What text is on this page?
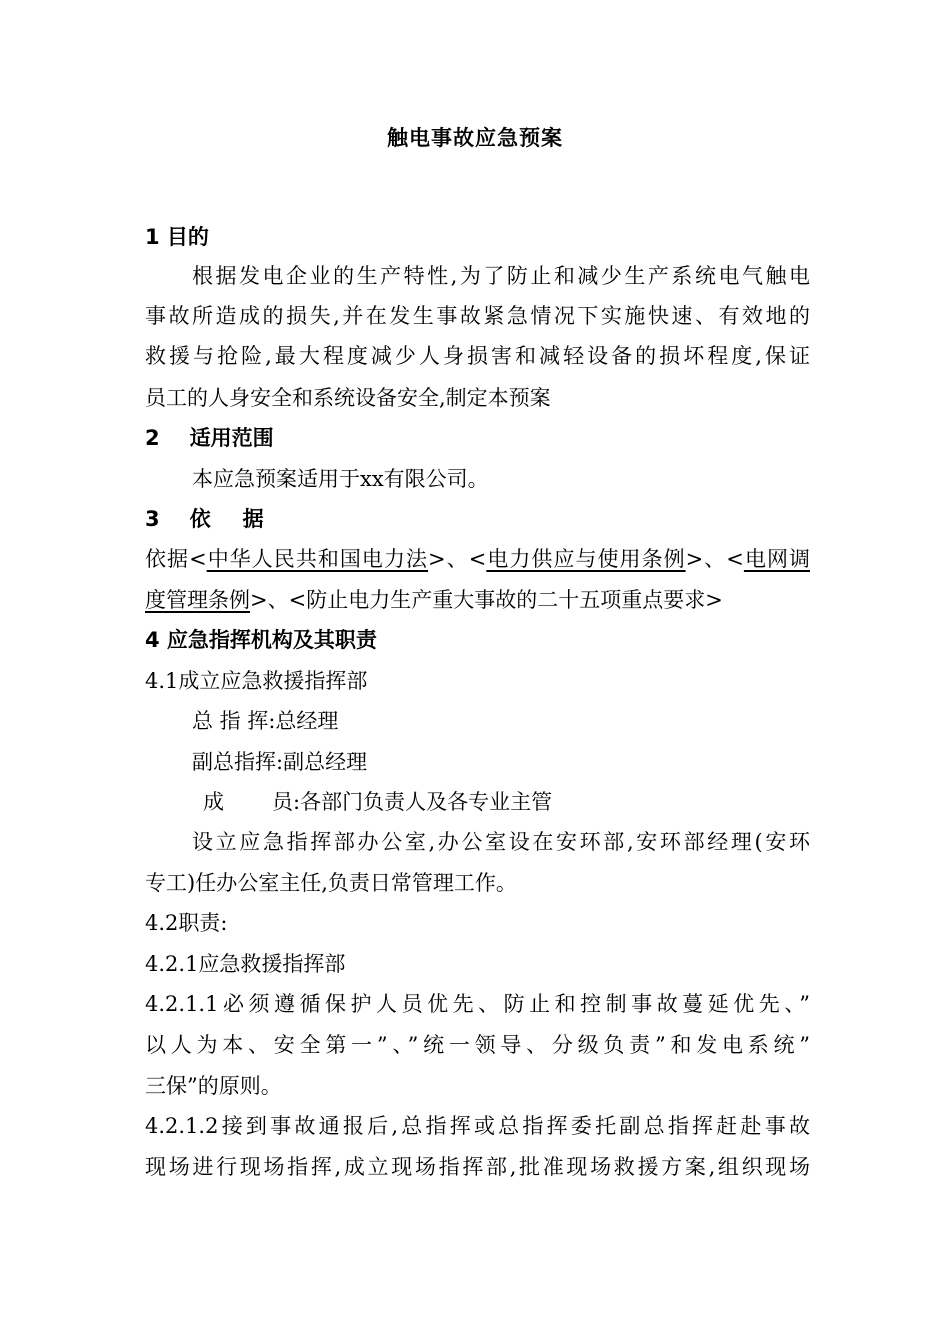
触电事故应急预案
1 目的
根据发电企业的生产特性,为了防止和减少生产系统电气触电
事故所造成的损失,并在发生事故紧急情况下实施快速、有效地的
救援与抢险,最大程度减少人身损害和减轻设备的损坏程度,保证
员工的人身安全和系统设备安全,制定本预案
2 适用范围
本应急预案适用于xx有限公司。
3 依 据
依据<中华人民共和国电力法>、<电力供应与使用条例>、<电网调
度管理条例>、<防止电力生产重大事故的二十五项重点要求>
4 应急指挥机构及其职责
4.1成立应急救援指挥部
总 指 挥:总经理
副总指挥:副总经理
成 员:各部门负责人及各专业主管
设立应急指挥部办公室,办公室设在安环部,安环部经理(安环
专工)任办公室主任,负责日常管理工作。
4.2职责:
4.2.1应急救援指挥部
4.2.1.1必须遵循保护人员优先、防止和控制事故蔓延优先、”
以人为本、安全第一”、”统一领导、分级负责”和发电系统”
三保”的原则。
4.2.1.2接到事故通报后,总指挥或总指挥委托副总指挥赶赴事故
现场进行现场指挥,成立现场指挥部,批准现场救援方案,组织现场
